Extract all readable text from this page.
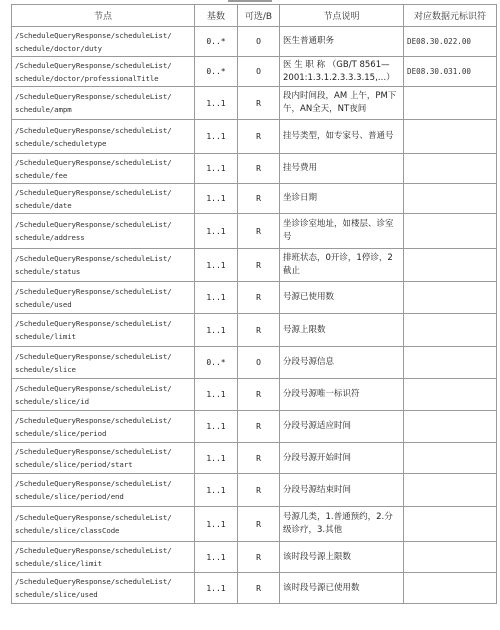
节点	基数	可选/B	节点说明	对应数据元标识符

/ScheduleQueryResponse/scheduleList/
schedule/doctor/duty	0..*	O	医生普通职务	DE08.30.022.00

/ScheduleQueryResponse/scheduleList/
schedule/doctor/professionalTitle	0..*	O	医 生 职 称 （GB/T 8561—2001:1.3.1.2.3.3.3.15,…）	DE08.30.031.00

/ScheduleQueryResponse/scheduleList/
schedule/ampm	1..1	R	段内时间段，AM 上午，PM下午，AN全天，NT夜间	

/ScheduleQueryResponse/scheduleList/
schedule/scheduletype	1..1	R	挂号类型，如专家号、普通号	

/ScheduleQueryResponse/scheduleList/
schedule/fee	1..1	R	挂号费用	

/ScheduleQueryResponse/scheduleList/
schedule/date	1..1	R	坐诊日期	

/ScheduleQueryResponse/scheduleList/
schedule/address	1..1	R	坐诊诊室地址，如楼层、诊室号	

/ScheduleQueryResponse/scheduleList/
schedule/status	1..1	R	排班状态，0开诊，1停诊，2截止	

/ScheduleQueryResponse/scheduleList/
schedule/used	1..1	R	号源已使用数	

/ScheduleQueryResponse/scheduleList/
schedule/limit	1..1	R	号源上限数	

/ScheduleQueryResponse/scheduleList/
schedule/slice	0..*	O	分段号源信息	

/ScheduleQueryResponse/scheduleList/
schedule/slice/id	1..1	R	分段号源唯一标识符	

/ScheduleQueryResponse/scheduleList/
schedule/slice/period	1..1	R	分段号源适应时间	

/ScheduleQueryResponse/scheduleList/
schedule/slice/period/start	1..1	R	分段号源开始时间	

/ScheduleQueryResponse/scheduleList/
schedule/slice/period/end	1..1	R	分段号源结束时间	

/ScheduleQueryResponse/scheduleList/
schedule/slice/classCode	1..1	R	号源几类，1.普通预约，2.分级诊疗，3.其他	

/ScheduleQueryResponse/scheduleList/
schedule/slice/limit	1..1	R	该时段号源上限数	

/ScheduleQueryResponse/scheduleList/
schedule/slice/used	1..1	R	该时段号源已使用数	
